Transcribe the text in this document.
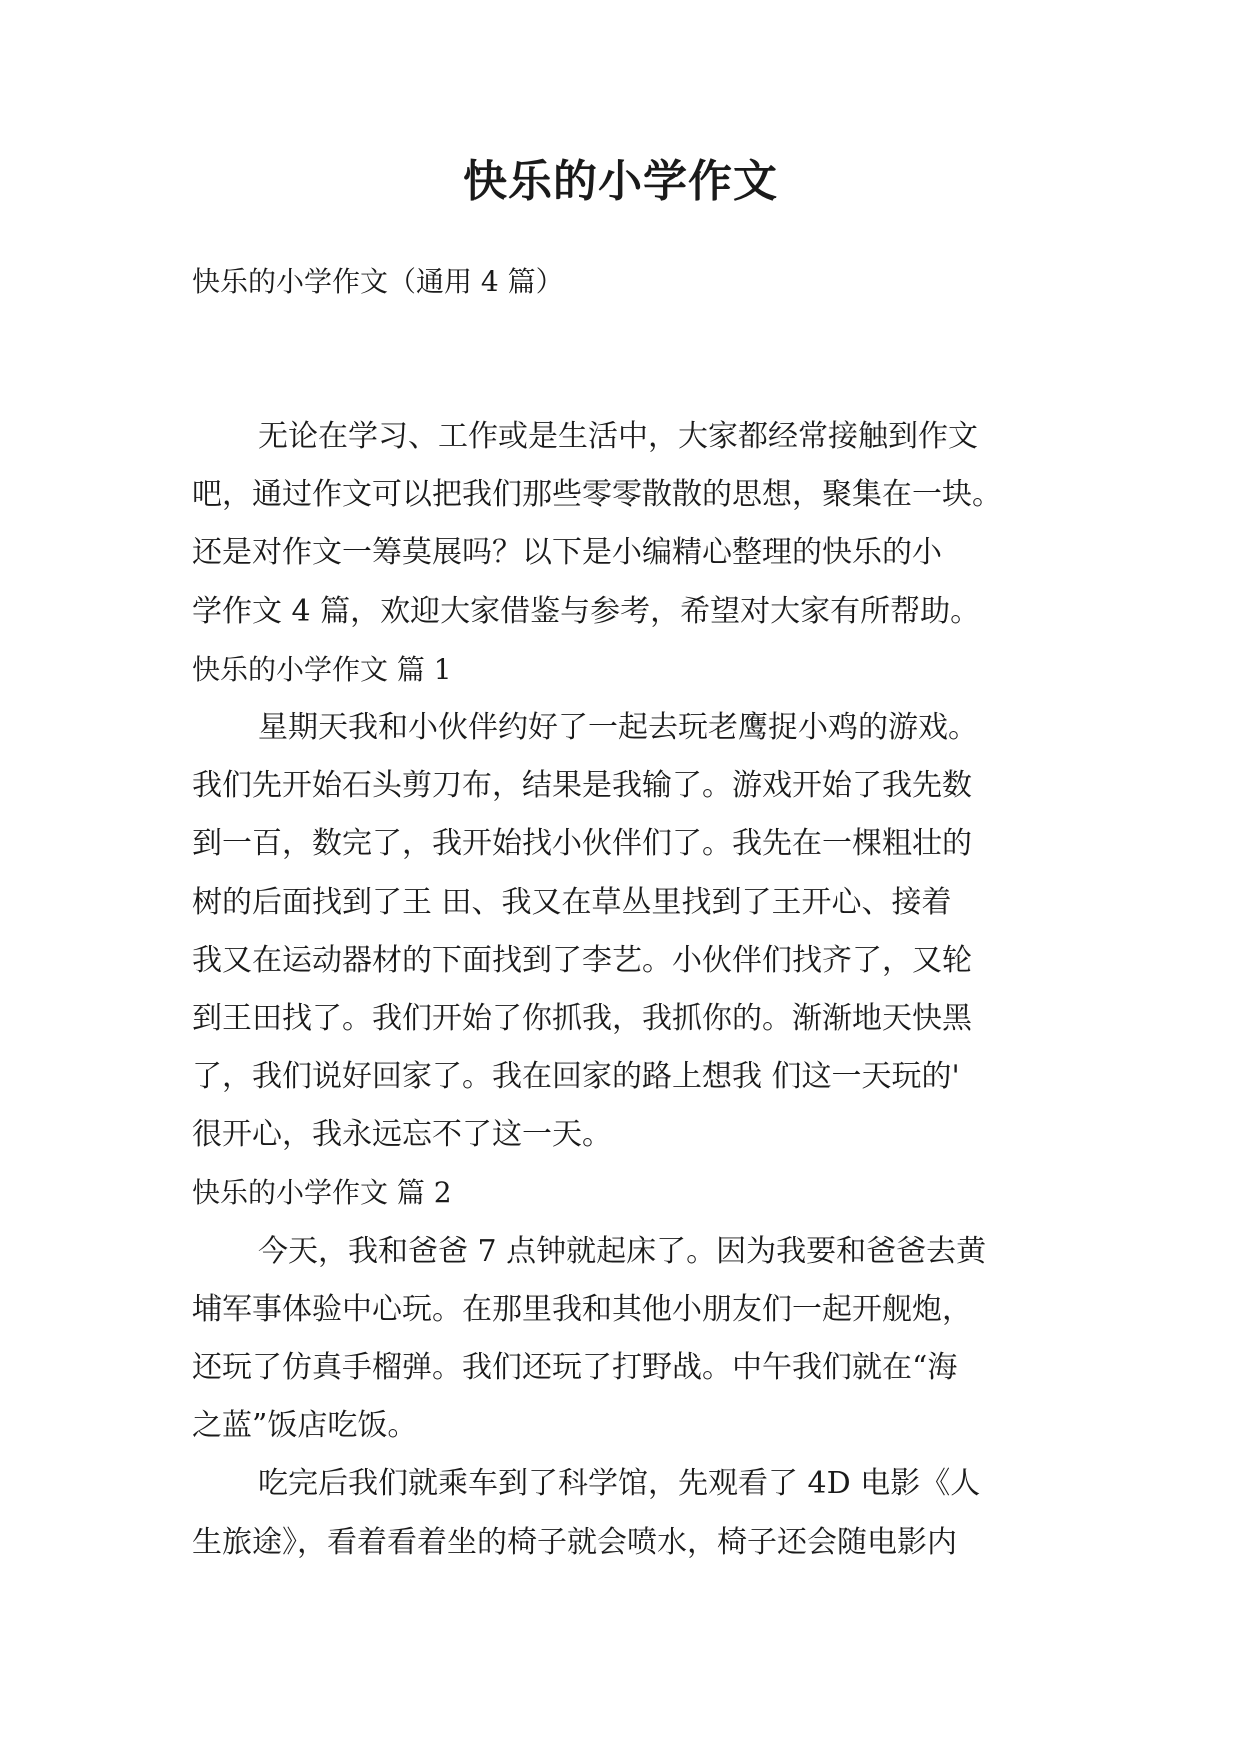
快乐的小学作文
快乐的小学作文（通用 4 篇）
无论在学习、工作或是生活中，大家都经常接触到作文
吧，通过作文可以把我们那些零零散散的思想，聚集在一块。
还是对作文一筹莫展吗？以下是小编精心整理的快乐的小
学作文 4 篇，欢迎大家借鉴与参考，希望对大家有所帮助。
快乐的小学作文 篇 1
星期天我和小伙伴约好了一起去玩老鹰捉小鸡的游戏。
我们先开始石头剪刀布，结果是我输了。游戏开始了我先数
到一百，数完了，我开始找小伙伴们了。我先在一棵粗壮的
树的后面找到了王 田、我又在草丛里找到了王开心、接着
我又在运动器材的下面找到了李艺。小伙伴们找齐了，又轮
到王田找了。我们开始了你抓我，我抓你的。渐渐地天快黑
了，我们说好回家了。我在回家的路上想我 们这一天玩的'
很开心，我永远忘不了这一天。
快乐的小学作文 篇 2
今天，我和爸爸 7 点钟就起床了。因为我要和爸爸去黄
埔军事体验中心玩。在那里我和其他小朋友们一起开舰炮，
还玩了仿真手榴弹。我们还玩了打野战。中午我们就在“海
之蓝”饭店吃饭。
吃完后我们就乘车到了科学馆，先观看了 4D 电影《人
生旅途》，看着看着坐的椅子就会喷水，椅子还会随电影内
